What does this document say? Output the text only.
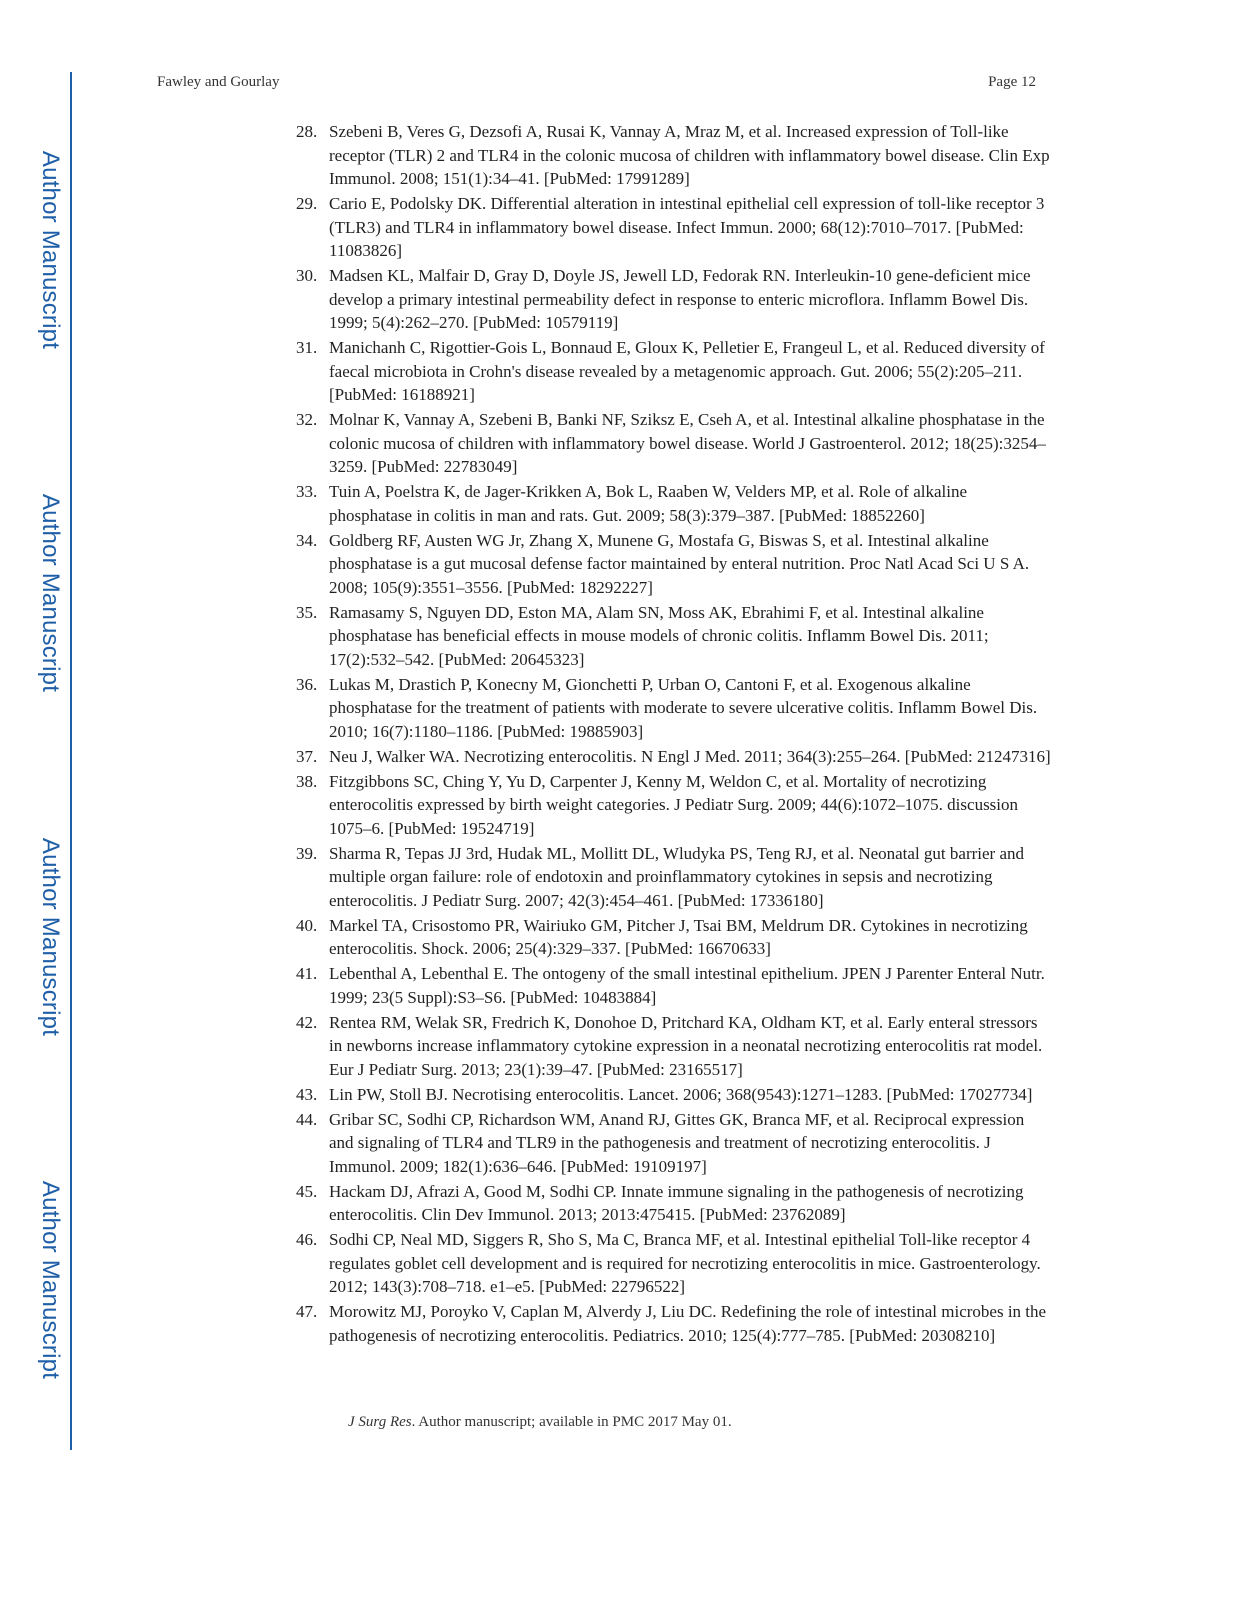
Author Manuscript
Author Manuscript
Author Manuscript
Author Manuscript
Fawley and Gourlay	Page 12
28. Szebeni B, Veres G, Dezsofi A, Rusai K, Vannay A, Mraz M, et al. Increased expression of Toll-like receptor (TLR) 2 and TLR4 in the colonic mucosa of children with inflammatory bowel disease. Clin Exp Immunol. 2008; 151(1):34–41. [PubMed: 17991289]
29. Cario E, Podolsky DK. Differential alteration in intestinal epithelial cell expression of toll-like receptor 3 (TLR3) and TLR4 in inflammatory bowel disease. Infect Immun. 2000; 68(12):7010–7017. [PubMed: 11083826]
30. Madsen KL, Malfair D, Gray D, Doyle JS, Jewell LD, Fedorak RN. Interleukin-10 gene-deficient mice develop a primary intestinal permeability defect in response to enteric microflora. Inflamm Bowel Dis. 1999; 5(4):262–270. [PubMed: 10579119]
31. Manichanh C, Rigottier-Gois L, Bonnaud E, Gloux K, Pelletier E, Frangeul L, et al. Reduced diversity of faecal microbiota in Crohn's disease revealed by a metagenomic approach. Gut. 2006; 55(2):205–211. [PubMed: 16188921]
32. Molnar K, Vannay A, Szebeni B, Banki NF, Sziksz E, Cseh A, et al. Intestinal alkaline phosphatase in the colonic mucosa of children with inflammatory bowel disease. World J Gastroenterol. 2012; 18(25):3254–3259. [PubMed: 22783049]
33. Tuin A, Poelstra K, de Jager-Krikken A, Bok L, Raaben W, Velders MP, et al. Role of alkaline phosphatase in colitis in man and rats. Gut. 2009; 58(3):379–387. [PubMed: 18852260]
34. Goldberg RF, Austen WG Jr, Zhang X, Munene G, Mostafa G, Biswas S, et al. Intestinal alkaline phosphatase is a gut mucosal defense factor maintained by enteral nutrition. Proc Natl Acad Sci U S A. 2008; 105(9):3551–3556. [PubMed: 18292227]
35. Ramasamy S, Nguyen DD, Eston MA, Alam SN, Moss AK, Ebrahimi F, et al. Intestinal alkaline phosphatase has beneficial effects in mouse models of chronic colitis. Inflamm Bowel Dis. 2011; 17(2):532–542. [PubMed: 20645323]
36. Lukas M, Drastich P, Konecny M, Gionchetti P, Urban O, Cantoni F, et al. Exogenous alkaline phosphatase for the treatment of patients with moderate to severe ulcerative colitis. Inflamm Bowel Dis. 2010; 16(7):1180–1186. [PubMed: 19885903]
37. Neu J, Walker WA. Necrotizing enterocolitis. N Engl J Med. 2011; 364(3):255–264. [PubMed: 21247316]
38. Fitzgibbons SC, Ching Y, Yu D, Carpenter J, Kenny M, Weldon C, et al. Mortality of necrotizing enterocolitis expressed by birth weight categories. J Pediatr Surg. 2009; 44(6):1072–1075. discussion 1075–6. [PubMed: 19524719]
39. Sharma R, Tepas JJ 3rd, Hudak ML, Mollitt DL, Wludyka PS, Teng RJ, et al. Neonatal gut barrier and multiple organ failure: role of endotoxin and proinflammatory cytokines in sepsis and necrotizing enterocolitis. J Pediatr Surg. 2007; 42(3):454–461. [PubMed: 17336180]
40. Markel TA, Crisostomo PR, Wairiuko GM, Pitcher J, Tsai BM, Meldrum DR. Cytokines in necrotizing enterocolitis. Shock. 2006; 25(4):329–337. [PubMed: 16670633]
41. Lebenthal A, Lebenthal E. The ontogeny of the small intestinal epithelium. JPEN J Parenter Enteral Nutr. 1999; 23(5 Suppl):S3–S6. [PubMed: 10483884]
42. Rentea RM, Welak SR, Fredrich K, Donohoe D, Pritchard KA, Oldham KT, et al. Early enteral stressors in newborns increase inflammatory cytokine expression in a neonatal necrotizing enterocolitis rat model. Eur J Pediatr Surg. 2013; 23(1):39–47. [PubMed: 23165517]
43. Lin PW, Stoll BJ. Necrotising enterocolitis. Lancet. 2006; 368(9543):1271–1283. [PubMed: 17027734]
44. Gribar SC, Sodhi CP, Richardson WM, Anand RJ, Gittes GK, Branca MF, et al. Reciprocal expression and signaling of TLR4 and TLR9 in the pathogenesis and treatment of necrotizing enterocolitis. J Immunol. 2009; 182(1):636–646. [PubMed: 19109197]
45. Hackam DJ, Afrazi A, Good M, Sodhi CP. Innate immune signaling in the pathogenesis of necrotizing enterocolitis. Clin Dev Immunol. 2013; 2013:475415. [PubMed: 23762089]
46. Sodhi CP, Neal MD, Siggers R, Sho S, Ma C, Branca MF, et al. Intestinal epithelial Toll-like receptor 4 regulates goblet cell development and is required for necrotizing enterocolitis in mice. Gastroenterology. 2012; 143(3):708–718. e1–e5. [PubMed: 22796522]
47. Morowitz MJ, Poroyko V, Caplan M, Alverdy J, Liu DC. Redefining the role of intestinal microbes in the pathogenesis of necrotizing enterocolitis. Pediatrics. 2010; 125(4):777–785. [PubMed: 20308210]
J Surg Res. Author manuscript; available in PMC 2017 May 01.
